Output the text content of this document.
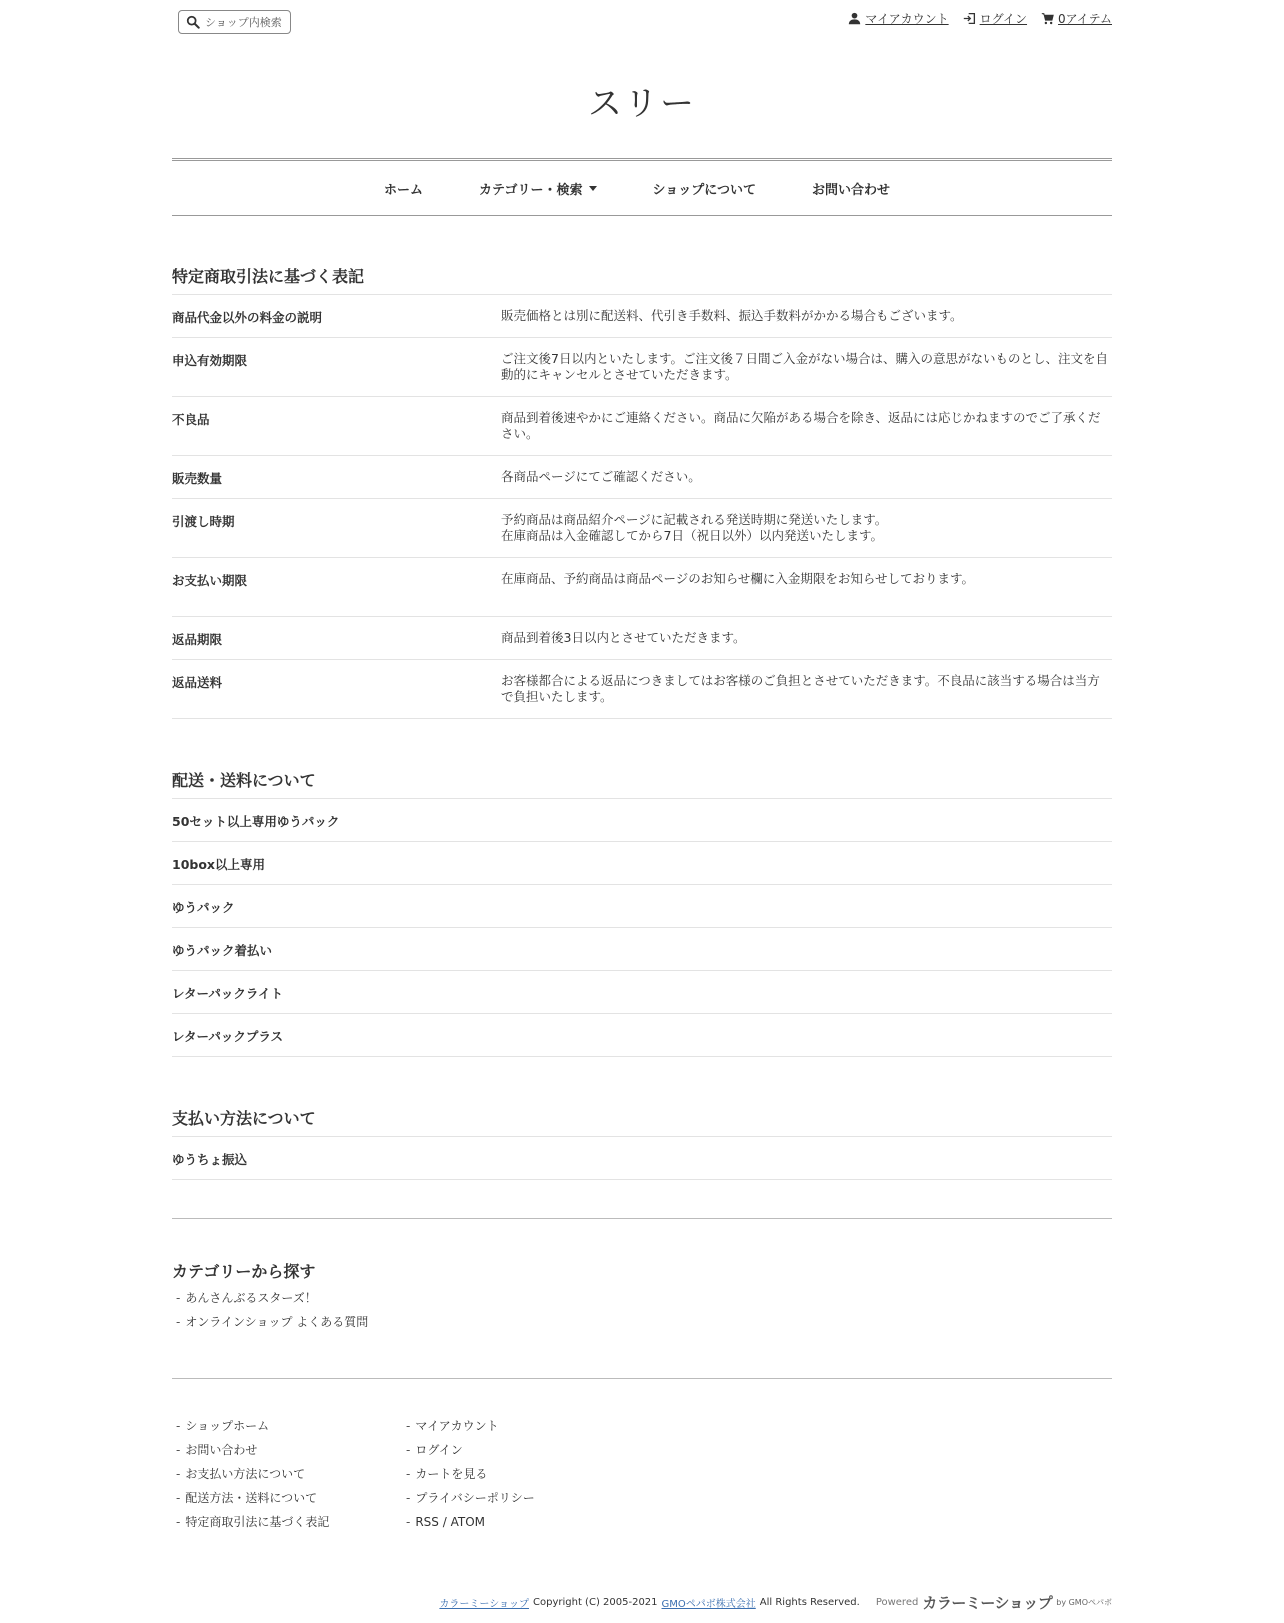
ショップ内検索	マイアカウント	ログイン	0アイテム
スリー
ホーム	カテゴリー・検索	ショップについて	お問い合わせ
特定商取引法に基づく表記
商品代金以外の料金の説明	販売価格とは別に配送料、代引き手数料、振込手数料がかかる場合もございます。
申込有効期限	ご注文後7日以内といたします。ご注文後７日間ご入金がない場合は、購入の意思がないものとし、注文を自動的にキャンセルとさせていただきます。
不良品	商品到着後速やかにご連絡ください。商品に欠陥がある場合を除き、返品には応じかねますのでご了承ください。
販売数量	各商品ページにてご確認ください。
引渡し時期	予約商品は商品紹介ページに記載される発送時期に発送いたします。
在庫商品は入金確認してから7日（祝日以外）以内発送いたします。
お支払い期限	在庫商品、予約商品は商品ページのお知らせ欄に入金期限をお知らせしております。
返品期限	商品到着後3日以内とさせていただきます。
返品送料	お客様都合による返品につきましてはお客様のご負担とさせていただきます。不良品に該当する場合は当方で負担いたします。
配送・送料について
50セット以上専用ゆうパック
10box以上専用
ゆうパック
ゆうパック着払い
レターパックライト
レターパックプラス
支払い方法について
ゆうちょ振込
カテゴリーから探す
- あんさんぶるスターズ！
- オンラインショップ よくある質問
- ショップホーム
- お問い合わせ
- お支払い方法について
- 配送方法・送料について
- 特定商取引法に基づく表記
- マイアカウント
- ログイン
- カートを見る
- プライバシーポリシー
- RSS / ATOM
カラーミーショップ Copyright (C) 2005-2021 GMOペパボ株式会社 All Rights Reserved. Powered カラーミーショップ by GMOペパボ
